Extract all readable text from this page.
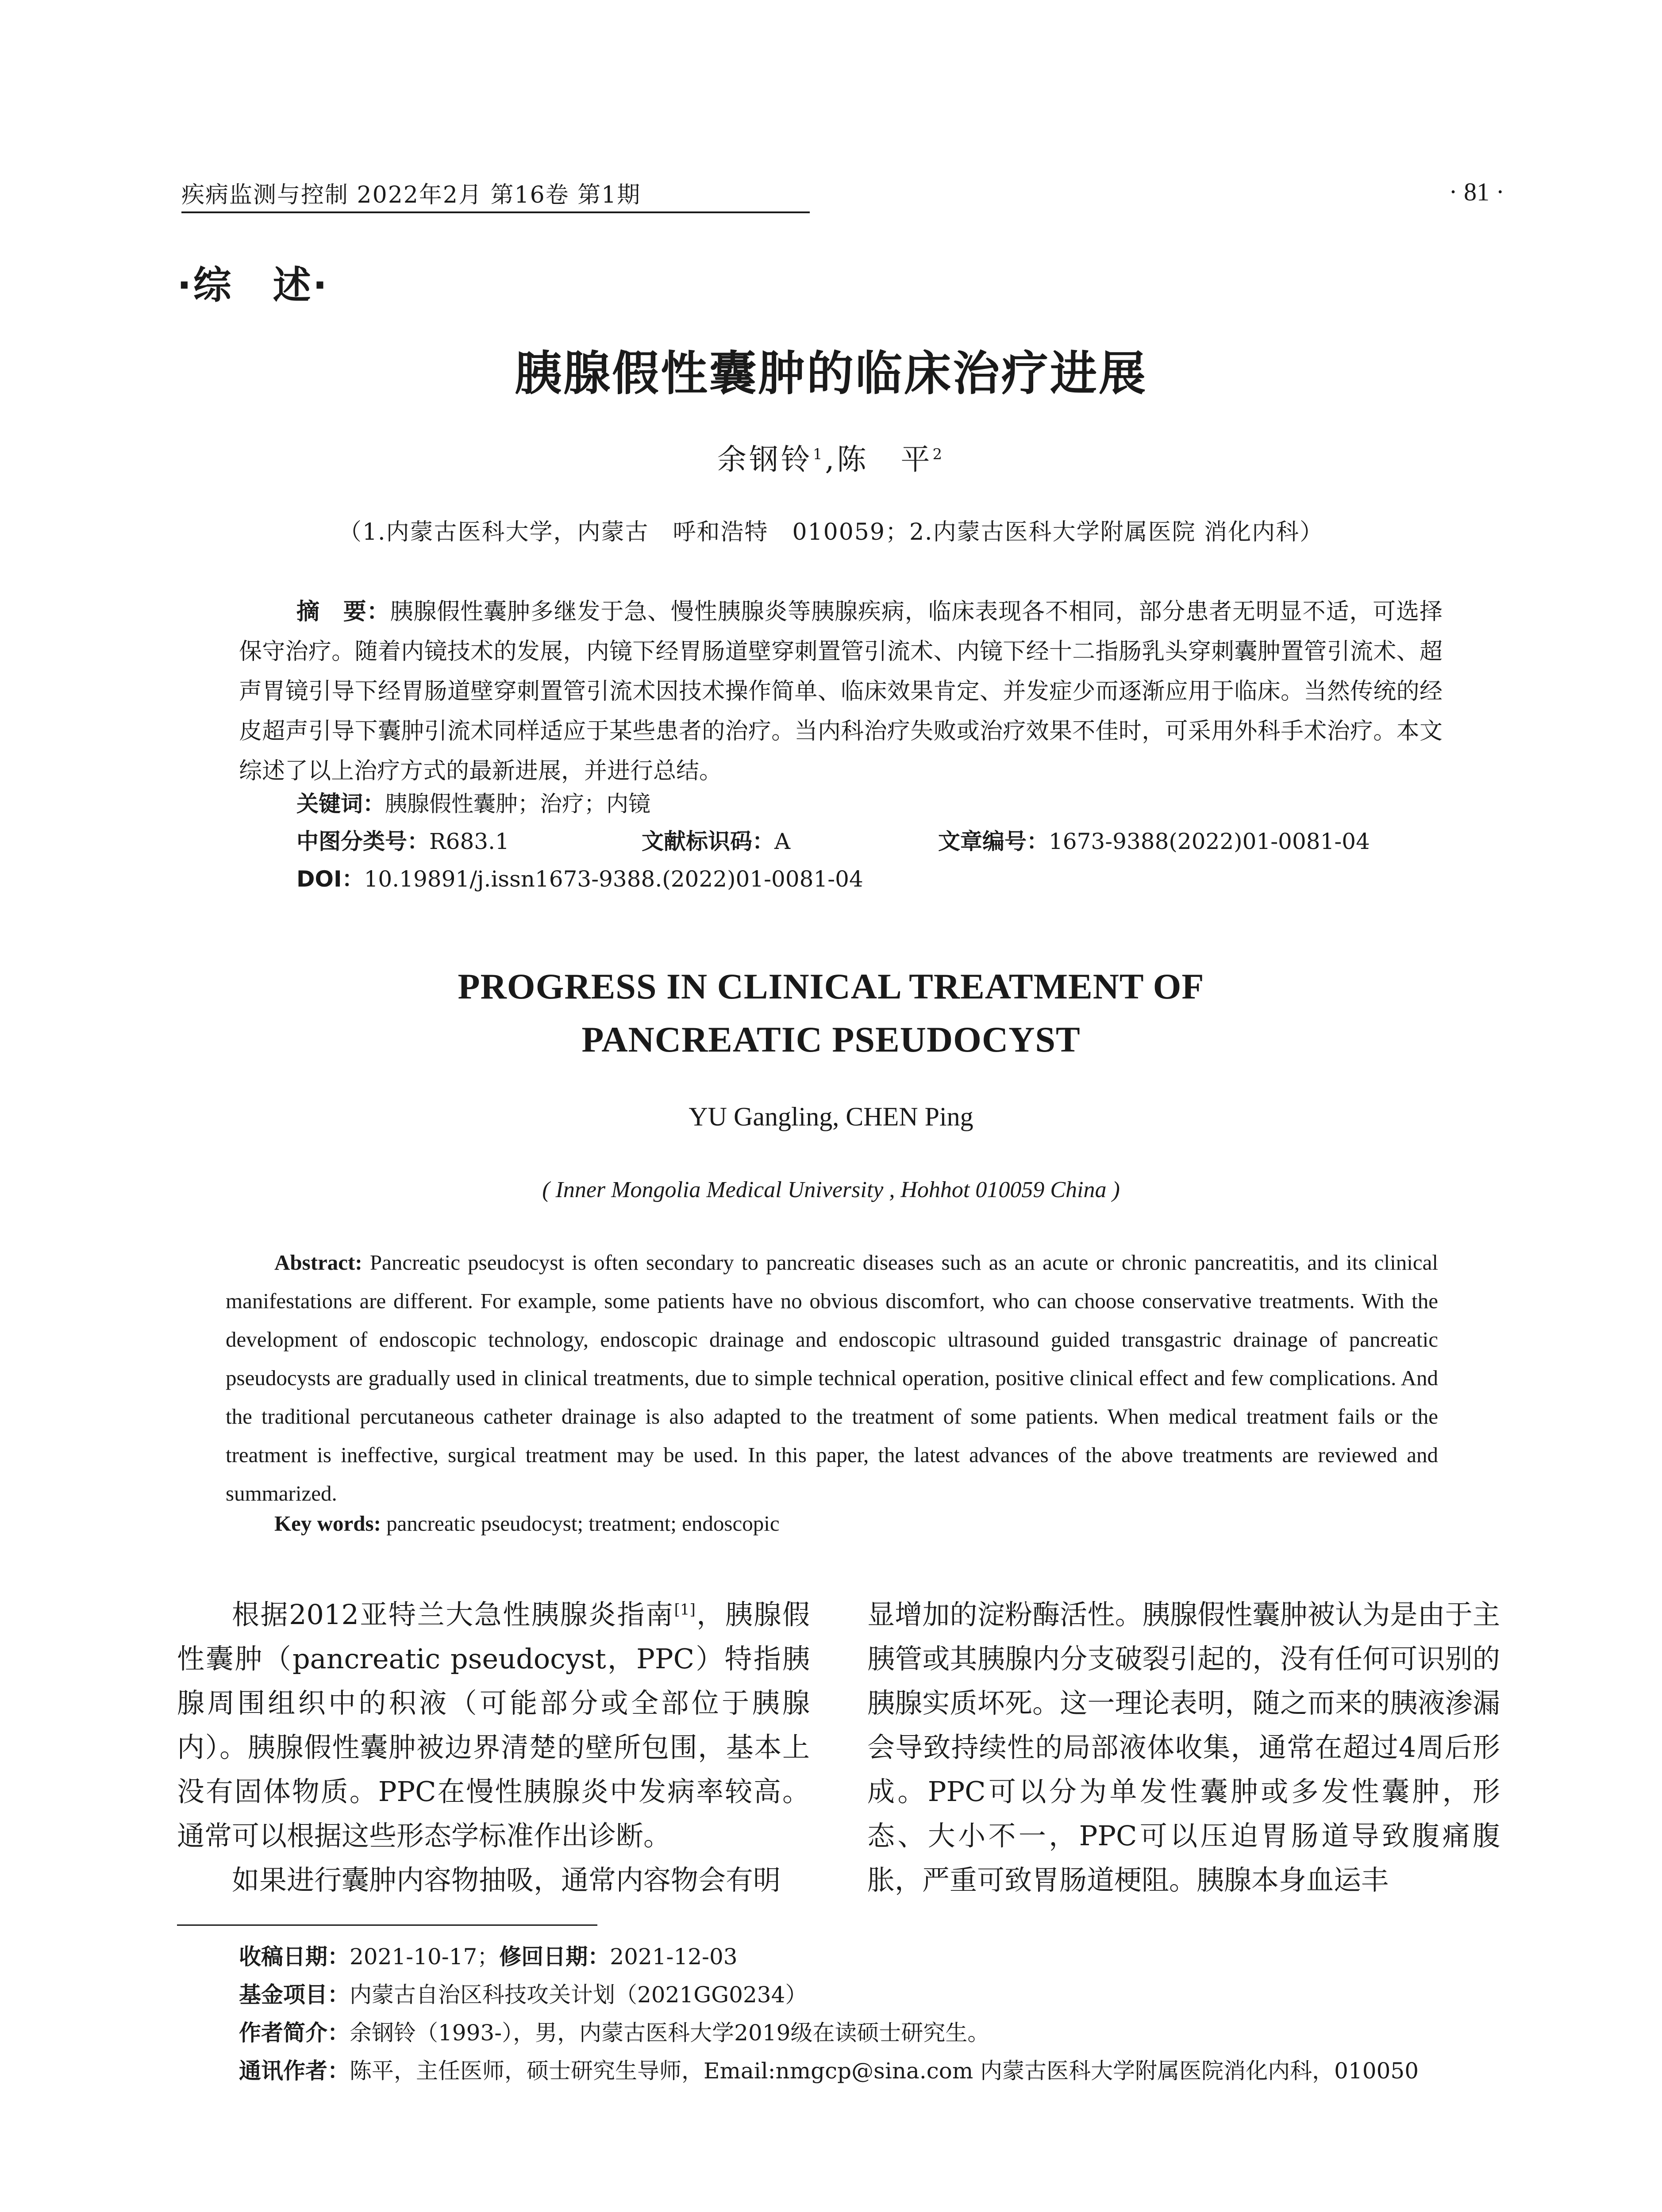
疾病监测与控制 2022年2月 第16卷 第1期	· 81 ·
·综　述·
胰腺假性囊肿的临床治疗进展
余钢铃$^1$,陈　平$^2$
（1.内蒙古医科大学，内蒙古　呼和浩特　010059；2.内蒙古医科大学附属医院 消化内科）
摘　要：胰腺假性囊肿多继发于急、慢性胰腺炎等胰腺疾病，临床表现各不相同，部分患者无明显不适，可选择保守治疗。随着内镜技术的发展，内镜下经胃肠道壁穿刺置管引流术、内镜下经十二指肠乳头穿刺囊肿置管引流术、超声胃镜引导下经胃肠道壁穿刺置管引流术因技术操作简单、临床效果肯定、并发症少而逐渐应用于临床。当然传统的经皮超声引导下囊肿引流术同样适应于某些患者的治疗。当内科治疗失败或治疗效果不佳时，可采用外科手术治疗。本文综述了以上治疗方式的最新进展，并进行总结。
关键词：胰腺假性囊肿；治疗；内镜
中图分类号：R683.1	文献标识码：A	文章编号：1673-9388(2022)01-0081-04
DOI：10.19891/j.issn1673-9388.(2022)01-0081-04
PROGRESS IN CLINICAL TREATMENT OF
PANCREATIC PSEUDOCYST
YU Gangling, CHEN Ping
( Inner Mongolia Medical University , Hohhot 010059 China )
Abstract: Pancreatic pseudocyst is often secondary to pancreatic diseases such as an acute or chronic pancreatitis, and its clinical manifestations are different. For example, some patients have no obvious discomfort, who can choose conservative treatments. With the development of endoscopic technology, endoscopic drainage and endoscopic ultrasound guided transgastric drainage of pancreatic pseudocysts are gradually used in clinical treatments, due to simple technical operation, positive clinical effect and few complications. And the traditional percutaneous catheter drainage is also adapted to the treatment of some patients. When medical treatment fails or the treatment is ineffective, surgical treatment may be used. In this paper, the latest advances of the above treatments are reviewed and summarized.
Key words: pancreatic pseudocyst; treatment; endoscopic

根据2012亚特兰大急性胰腺炎指南[1]，胰腺假性囊肿（pancreatic pseudocyst，PPC）特指胰腺周围组织中的积液（可能部分或全部位于胰腺内）。胰腺假性囊肿被边界清楚的壁所包围，基本上没有固体物质。PPC在慢性胰腺炎中发病率较高。通常可以根据这些形态学标准作出诊断。

如果进行囊肿内容物抽吸，通常内容物会有明

显增加的淀粉酶活性。胰腺假性囊肿被认为是由于主胰管或其胰腺内分支破裂引起的，没有任何可识别的胰腺实质坏死。这一理论表明，随之而来的胰液渗漏会导致持续性的局部液体收集，通常在超过4周后形成。PPC可以分为单发性囊肿或多发性囊肿，形态、大小不一，PPC可以压迫胃肠道导致腹痛腹胀，严重可致胃肠道梗阻。胰腺本身血运丰

收稿日期：2021-10-17；修回日期：2021-12-03
基金项目：内蒙古自治区科技攻关计划（2021GG0234）
作者简介：余钢铃（1993-），男，内蒙古医科大学2019级在读硕士研究生。
通讯作者：陈平，主任医师，硕士研究生导师，Email:nmgcp@sina.com 内蒙古医科大学附属医院消化内科，010050
